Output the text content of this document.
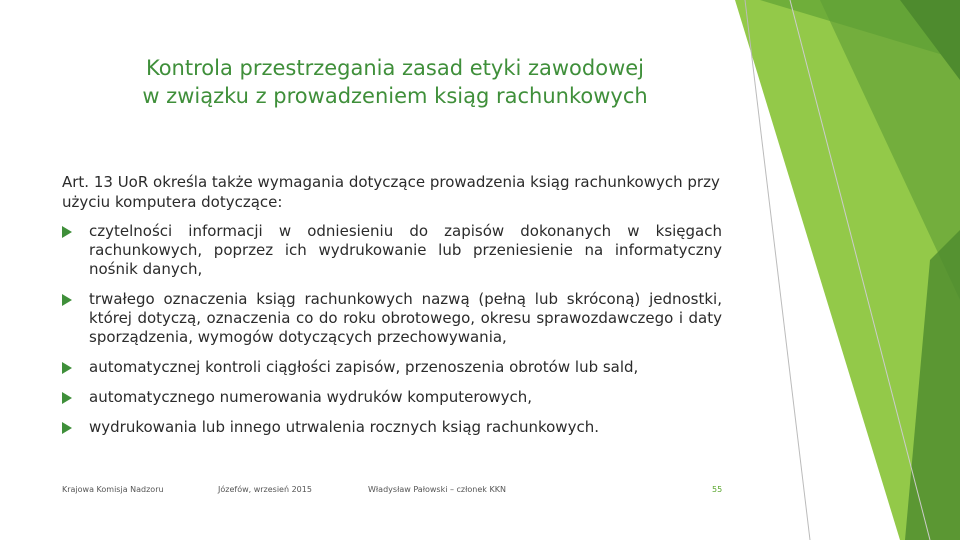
Kontrola przestrzegania zasad etyki zawodowej
w związku z prowadzeniem ksiąg rachunkowych
Art. 13 UoR określa także wymagania dotyczące prowadzenia ksiąg rachunkowych przy użyciu komputera dotyczące:
czytelności informacji w odniesieniu do zapisów dokonanych w księgach rachunkowych, poprzez ich wydrukowanie lub przeniesienie na informatyczny nośnik danych,
trwałego oznaczenia ksiąg rachunkowych nazwą (pełną lub skróconą) jednostki, której dotyczą, oznaczenia co do roku obrotowego, okresu sprawozdawczego i daty sporządzenia, wymogów dotyczących przechowywania,
automatycznej kontroli ciągłości zapisów, przenoszenia obrotów lub sald,
automatycznego numerowania wydruków komputerowych,
wydrukowania lub innego utrwalenia rocznych ksiąg rachunkowych.
Krajowa Komisja Nadzoru	Józefów, wrzesień 2015	Władysław Pałowski – członek KKN	55
